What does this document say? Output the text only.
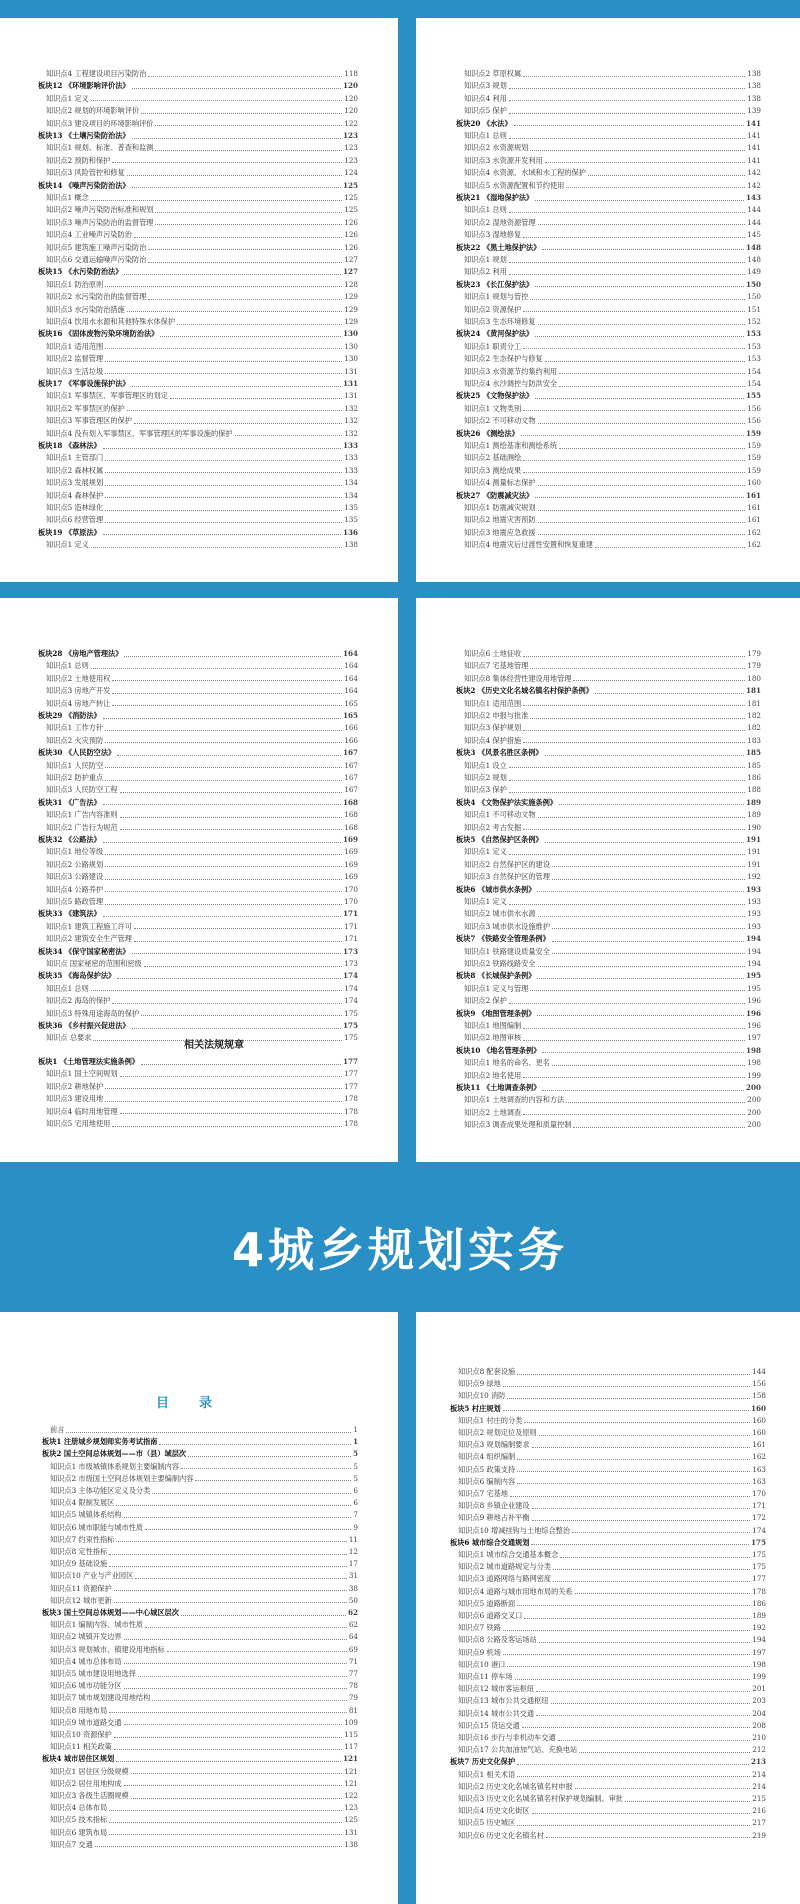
知识点4 工程建设项目污染防治	118
板块12 《环境影响评价法》	120
知识点1 定义	120
知识点2 规划的环境影响评价	120
知识点3 建设项目的环境影响评价	122
板块13 《土壤污染防治法》	123
知识点1 规划、标准、普查和监测	123
知识点2 预防和保护	123
知识点3 风险管控和修复	124
板块14 《噪声污染防治法》	125
知识点1 概念	125
知识点2 噪声污染防治标准和规划	125
知识点3 噪声污染防治的监督管理	126
知识点4 工业噪声污染防治	126
知识点5 建筑施工噪声污染防治	126
知识点6 交通运输噪声污染防治	127
板块15 《水污染防治法》	127
知识点1 防治原则	128
知识点2 水污染防治的监督管理	129
知识点3 水污染防治措施	129
知识点4 饮用水水源和其他特殊水体保护	129
板块16 《固体废物污染环境防治法》	130
知识点1 适用范围	130
知识点2 监督管理	130
知识点3 生活垃圾	131
板块17 《军事设施保护法》	131
知识点1 军事禁区、军事管理区的划定	131
知识点2 军事禁区的保护	132
知识点3 军事管理区的保护	132
知识点4 没有划入军事禁区、军事管理区的军事设施的保护	132
板块18 《森林法》	133
知识点1 主管部门	133
知识点2 森林权属	133
知识点3 发展规划	134
知识点4 森林保护	134
知识点5 造林绿化	135
知识点6 经营管理	135
板块19 《草原法》	136
知识点1 定义	138
知识点2 草原权属	138
知识点3 规划	138
知识点4 利用	138
知识点5 保护	139
板块20 《水法》	141
知识点1 总则	141
知识点2 水资源规划	141
知识点3 水资源开发利用	141
知识点4 水资源、水域和水工程的保护	142
知识点5 水资源配置和节约使用	142
板块21 《湿地保护法》	143
知识点1 总则	144
知识点2 湿地资源管理	144
知识点3 湿地修复	145
板块22 《黑土地保护法》	148
知识点1 规划	148
知识点2 利用	149
板块23 《长江保护法》	150
知识点1 规划与管控	150
知识点2 资源保护	151
知识点3 生态环境修复	152
板块24 《黄河保护法》	153
知识点1 职责分工	153
知识点2 生态保护与修复	153
知识点3 水资源节约集约利用	154
知识点4 水沙调控与防洪安全	154
板块25 《文物保护法》	155
知识点1 文物类别	156
知识点2 不可移动文物	156
板块26 《测绘法》	159
知识点1 测绘基准和测绘系统	159
知识点2 基础测绘	159
知识点3 测绘成果	159
知识点4 测量标志保护	160
板块27 《防震减灾法》	161
知识点1 防震减灾规划	161
知识点2 地震灾害预防	161
知识点3 地震应急救援	162
知识点4 地震灾后过渡性安置和恢复重建	162
板块28 《房地产管理法》	164
知识点1 总则	164
知识点2 土地使用权	164
知识点3 房地产开发	164
知识点4 房地产转让	165
板块29 《消防法》	165
知识点1 工作方针	166
知识点2 火灾预防	166
板块30 《人民防空法》	167
知识点1 人民防空	167
知识点2 防护重点	167
知识点3 人民防空工程	167
板块31 《广告法》	168
知识点1 广告内容准则	168
知识点2 广告行为规范	168
板块32 《公路法》	169
知识点1 地位等级	169
知识点2 公路规划	169
知识点3 公路建设	169
知识点4 公路养护	170
知识点5 路政管理	170
板块33 《建筑法》	171
知识点1 建筑工程施工许可	171
知识点2 建筑安全生产管理	171
板块34 《保守国家秘密法》	173
知识点 国家秘密的范围和密级	173
板块35 《海岛保护法》	174
知识点1 总则	174
知识点2 海岛的保护	174
知识点3 特殊用途海岛的保护	175
板块36 《乡村振兴促进法》	175
知识点 总要求	175
相关法规规章
板块1 《土地管理法实施条例》	177
知识点1 国土空间规划	177
知识点2 耕地保护	177
知识点3 建设用地	178
知识点4 临时用地管理	178
知识点5 宅用地使用	178
知识点6 土地征收	179
知识点7 宅基地管理	179
知识点8 集体经营性建设用地管理	180
板块2 《历史文化名城名镇名村保护条例》	181
知识点1 适用范围	181
知识点2 申报与批准	182
知识点3 保护规划	182
知识点4 保护措施	183
板块3 《风景名胜区条例》	185
知识点1 设立	185
知识点2 规划	186
知识点3 保护	188
板块4 《文物保护法实施条例》	189
知识点1 不可移动文物	189
知识点2 考古发掘	190
板块5 《自然保护区条例》	191
知识点1 定义	191
知识点2 自然保护区的建设	191
知识点3 自然保护区的管理	192
板块6 《城市供水条例》	193
知识点1 定义	193
知识点2 城市供水水源	193
知识点3 城市供水设施维护	193
板块7 《铁路安全管理条例》	194
知识点1 铁路建设质量安全	194
知识点2 铁路线路安全	194
板块8 《长城保护条例》	195
知识点1 定义与管理	195
知识点2 保护	196
板块9 《地图管理条例》	196
知识点1 地图编制	196
知识点2 地图审核	197
板块10 《地名管理条例》	198
知识点1 地名的命名、更名	198
知识点2 地名使用	199
板块11 《土地调查条例》	200
知识点1 土地调查的内容和方法	200
知识点2 土地调查	200
知识点3 调查成果处理和质量控制	200
4城乡规划实务
目录
前言	1
板块1 注册城乡规划师实务考试指南	1
板块2 国土空间总体规划——市（县）域层次	5
知识点1 市级城镇体系规划主要编制内容	5
知识点2 市级国土空间总体规划主要编制内容	5
知识点3 主体功能区定义及分类	6
知识点4 限制发展区	6
知识点5 城镇体系结构	7
知识点6 城市职能与城市性质	9
知识点7 约束性指标	11
知识点8 定性指标	12
知识点9 基础设施	17
知识点10 产业与产业园区	31
知识点11 资源保护	38
知识点12 城市更新	50
板块3 国土空间总体规划——中心城区层次	62
知识点1 编制内容、城市性质	62
知识点2 城镇开发边界	64
知识点3 规划城市、镇建设用地指标	69
知识点4 城市总体布局	71
知识点5 城市建设用地选择	77
知识点6 城市功能分区	78
知识点7 城市规划建设用地结构	79
知识点8 用地布局	81
知识点9 城市道路交通	109
知识点10 资源保护	115
知识点11 相关政策	117
板块4 城市居住区规划	121
知识点1 居住区分级规模	121
知识点2 居住用地构成	121
知识点3 各级生活圈规模	122
知识点4 总体布局	123
知识点5 技术指标	125
知识点6 建筑布局	131
知识点7 交通	138
知识点8 配套设施	144
知识点9 绿地	156
知识点10 消防	158
板块5 村庄规划	160
知识点1 村庄的分类	160
知识点2 规划定位及原则	160
知识点3 规划编制要求	161
知识点4 组织编制	162
知识点5 政策支持	163
知识点6 编制内容	163
知识点7 宅基地	170
知识点8 乡镇企业建设	171
知识点9 耕地占补平衡	172
知识点10 增减挂钩与土地综合整治	174
板块6 城市综合交通规划	175
知识点1 城市综合交通基本概念	175
知识点2 城市道路规定与分类	175
知识点3 道路网络与路网密度	177
知识点4 道路与城市用地布局的关系	178
知识点5 道路断面	186
知识点6 道路交叉口	189
知识点7 铁路	192
知识点8 公路及客运场站	194
知识点9 机场	197
知识点10 港口	198
知识点11 停车场	199
知识点12 城市客运枢纽	201
知识点13 城市公共交通枢纽	203
知识点14 城市公共交通	204
知识点15 货运交通	208
知识点16 步行与非机动车交通	210
知识点17 公共加油加气站、充换电站	212
板块7 历史文化保护	213
知识点1 相关术语	214
知识点2 历史文化名城名镇名村申报	214
知识点3 历史文化名城名镇名村保护规划编制、审批	215
知识点4 历史文化街区	216
知识点5 历史城区	217
知识点6 历史文化名镇名村	219
